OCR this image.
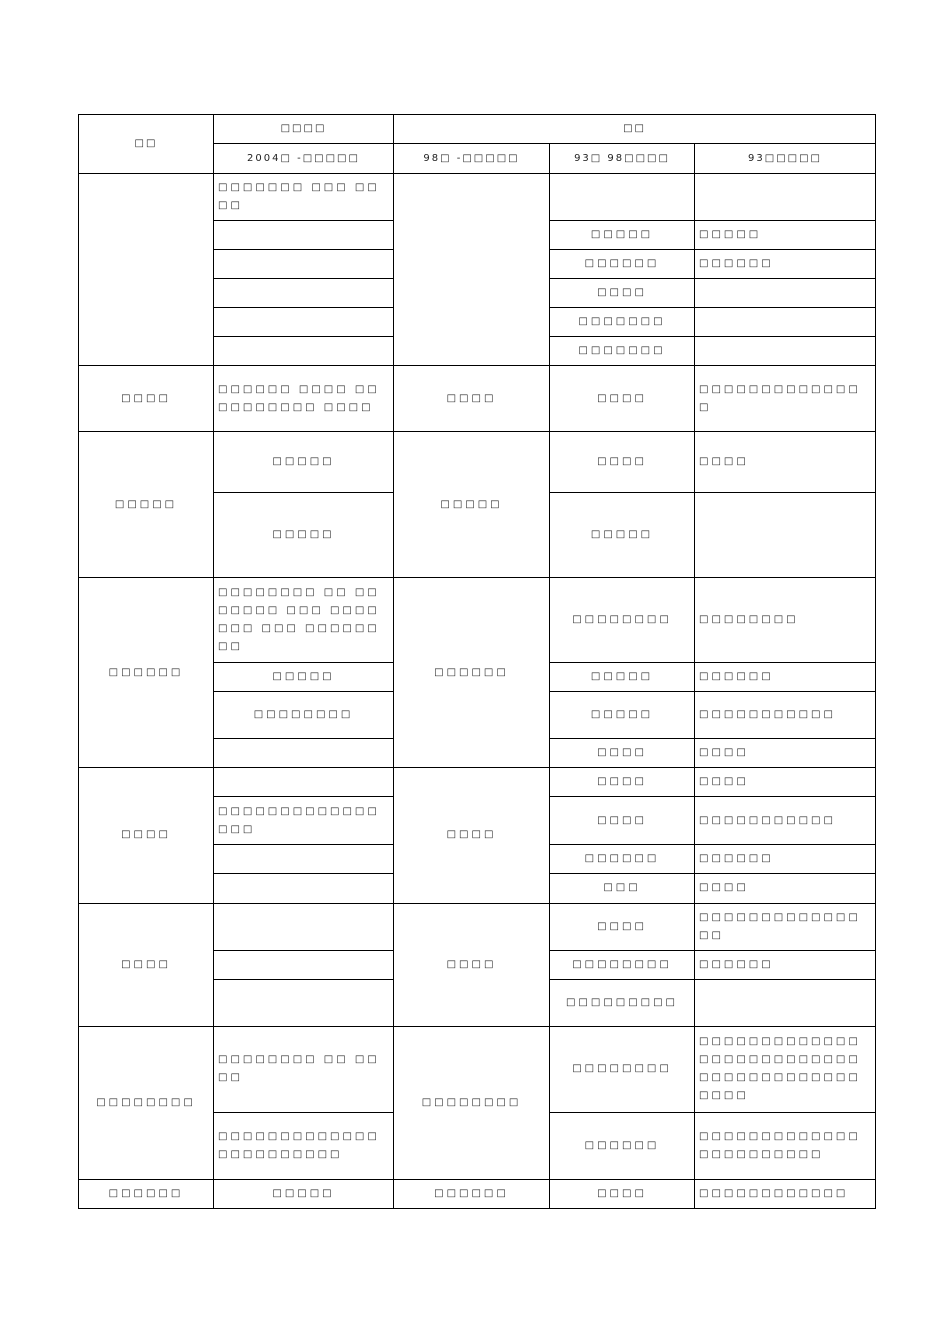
□□	□□□□	□□		
	2004□ -□□□□□	98□ -□□□□□	93□ 98□□□□	93□□□□□
	□□□□□□□ □□□ □□□□			
			□□□□□	□□□□□
			□□□□□□	□□□□□□
			□□□□	
			□□□□□□□	
			□□□□□□□	
□□□□	□□□□□□ □□□□ □□□□□□□□□□ □□□□	□□□□	□□□□	□□□□□□□□□□□□□□
□□□□□	□□□□□	□□□□□	□□□□	□□□□
	□□□□□		□□□□□	
□□□□□□	□□□□□□□□ □□ □□□□□□□ □□□ □□□□□□□ □□□ □□□□□□□□	□□□□□□	□□□□□□□□	□□□□□□□□
	□□□□□		□□□□□	□□□□□□
	□□□□□□□□		□□□□□	□□□□□□□□□□□
			□□□□	□□□□
□□□□		□□□□	□□□□	□□□□
	□□□□□□□□□□□□□□□□		□□□□	□□□□□□□□□□□
			□□□□□□	□□□□□□
			□□□	□□□□
□□□□		□□□□	□□□□	□□□□□□□□□□□□□□□
			□□□□□□□□	□□□□□□
			□□□□□□□□□	
□□□□□□□□	□□□□□□□□ □□ □□□□	□□□□□□□□	□□□□□□□□	□□□□□□□□□□□□□□□□□□□□□□□□□□□□□□□□□□□□□□□□□□□
	□□□□□□□□□□□□□□□□□□□□□□□		□□□□□□	□□□□□□□□□□□□□□□□□□□□□□□
□□□□□□	□□□□□	□□□□□□	□□□□	□□□□□□□□□□□□
